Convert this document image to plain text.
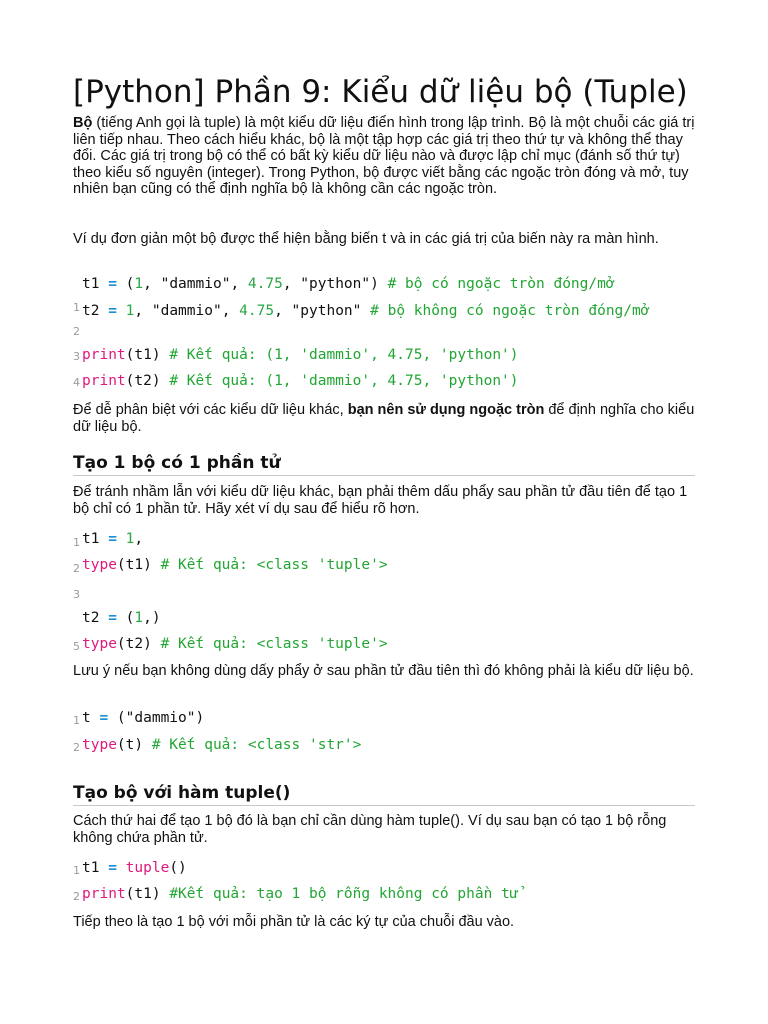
[Python] Phần 9: Kiểu dữ liệu bộ (Tuple)

Bộ (tiếng Anh gọi là tuple) là một kiểu dữ liệu điển hình trong lập trình. Bộ là một chuỗi các giá trị liên tiếp nhau. Theo cách hiểu khác, bộ là một tập hợp các giá trị theo thứ tự và không thể thay đổi. Các giá trị trong bộ có thể có bất kỳ kiểu dữ liệu nào và được lập chỉ mục (đánh số thứ tự) theo kiểu số nguyên (integer). Trong Python, bộ được viết bằng các ngoặc tròn đóng và mở, tuy nhiên bạn cũng có thể định nghĩa bộ là không cần các ngoặc tròn.

Ví dụ đơn giản một bộ được thể hiện bằng biến t và in các giá trị của biến này ra màn hình.

1
2
3
4
t1 = (1, "dammio", 4.75, "python") # bộ có ngoặc tròn đóng/mở
t2 = 1, "dammio", 4.75, "python" # bộ không có ngoặc tròn đóng/mở
print(t1) # Kết quả: (1, 'dammio', 4.75, 'python')
print(t2) # Kết quả: (1, 'dammio', 4.75, 'python')

Để dễ phân biệt với các kiểu dữ liệu khác, bạn nên sử dụng ngoặc tròn để định nghĩa cho kiểu dữ liệu bộ.

Tạo 1 bộ có 1 phần tử

Để tránh nhầm lẫn với kiểu dữ liệu khác, bạn phải thêm dấu phẩy sau phần tử đầu tiên để tạo 1 bộ chỉ có 1 phần tử. Hãy xét ví dụ sau để hiểu rõ hơn.

1
2
3
5
t1 = 1,
type(t1) # Kết quả: <class 'tuple'>
t2 = (1,)
type(t2) # Kết quả: <class 'tuple'>

Lưu ý nếu bạn không dùng dấy phẩy ở sau phần tử đầu tiên thì đó không phải là kiểu dữ liệu bộ.

1
2
t = ("dammio")
type(t) # Kết quả: <class 'str'>
Tạo bộ với hàm tuple()

Cách thứ hai để tạo 1 bộ đó là bạn chỉ cần dùng hàm tuple(). Ví dụ sau bạn có tạo 1 bộ rỗng không chứa phần tử.

1
2
t1 = tuple()
print(t1) #Kết quả: tạo 1 bộ rỗng không có phần tử

Tiếp theo là tạo 1 bộ với mỗi phần tử là các ký tự của chuỗi đầu vào.
